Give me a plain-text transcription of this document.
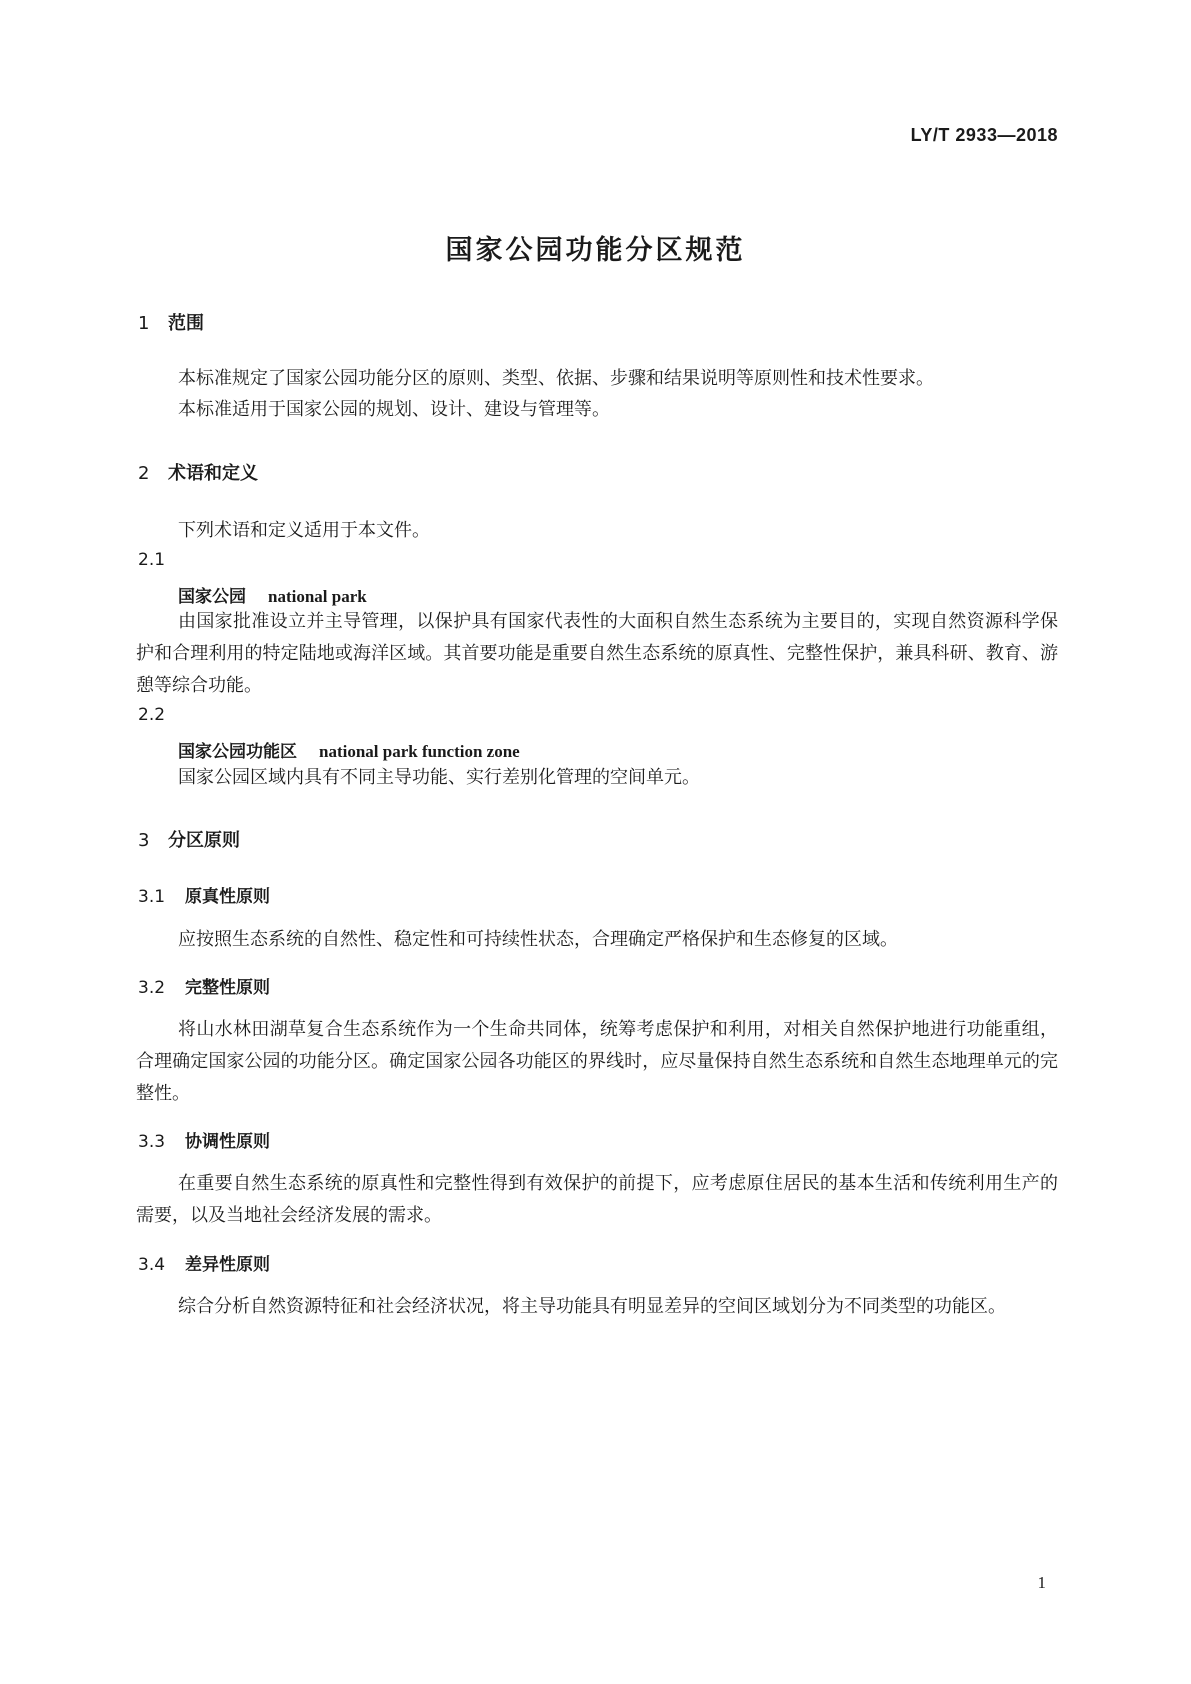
LY/T 2933—2018
国家公园功能分区规范
1 范围

本标准规定了国家公园功能分区的原则、类型、依据、步骤和结果说明等原则性和技术性要求。

本标准适用于国家公园的规划、设计、建设与管理等。

2 术语和定义

下列术语和定义适用于本文件。

2.1
国家公园 national park

由国家批准设立并主导管理，以保护具有国家代表性的大面积自然生态系统为主要目的，实现自然资源科学保护和合理利用的特定陆地或海洋区域。其首要功能是重要自然生态系统的原真性、完整性保护，兼具科研、教育、游憩等综合功能。

2.2
国家公园功能区 national park function zone

国家公园区域内具有不同主导功能、实行差别化管理的空间单元。

3 分区原则
3.1 原真性原则

应按照生态系统的自然性、稳定性和可持续性状态，合理确定严格保护和生态修复的区域。

3.2 完整性原则

将山水林田湖草复合生态系统作为一个生命共同体，统筹考虑保护和利用，对相关自然保护地进行功能重组，合理确定国家公园的功能分区。确定国家公园各功能区的界线时，应尽量保持自然生态系统和自然生态地理单元的完整性。

3.3 协调性原则

在重要自然生态系统的原真性和完整性得到有效保护的前提下，应考虑原住居民的基本生活和传统利用生产的需要，以及当地社会经济发展的需求。

3.4 差异性原则

综合分析自然资源特征和社会经济状况，将主导功能具有明显差异的空间区域划分为不同类型的功能区。

1
